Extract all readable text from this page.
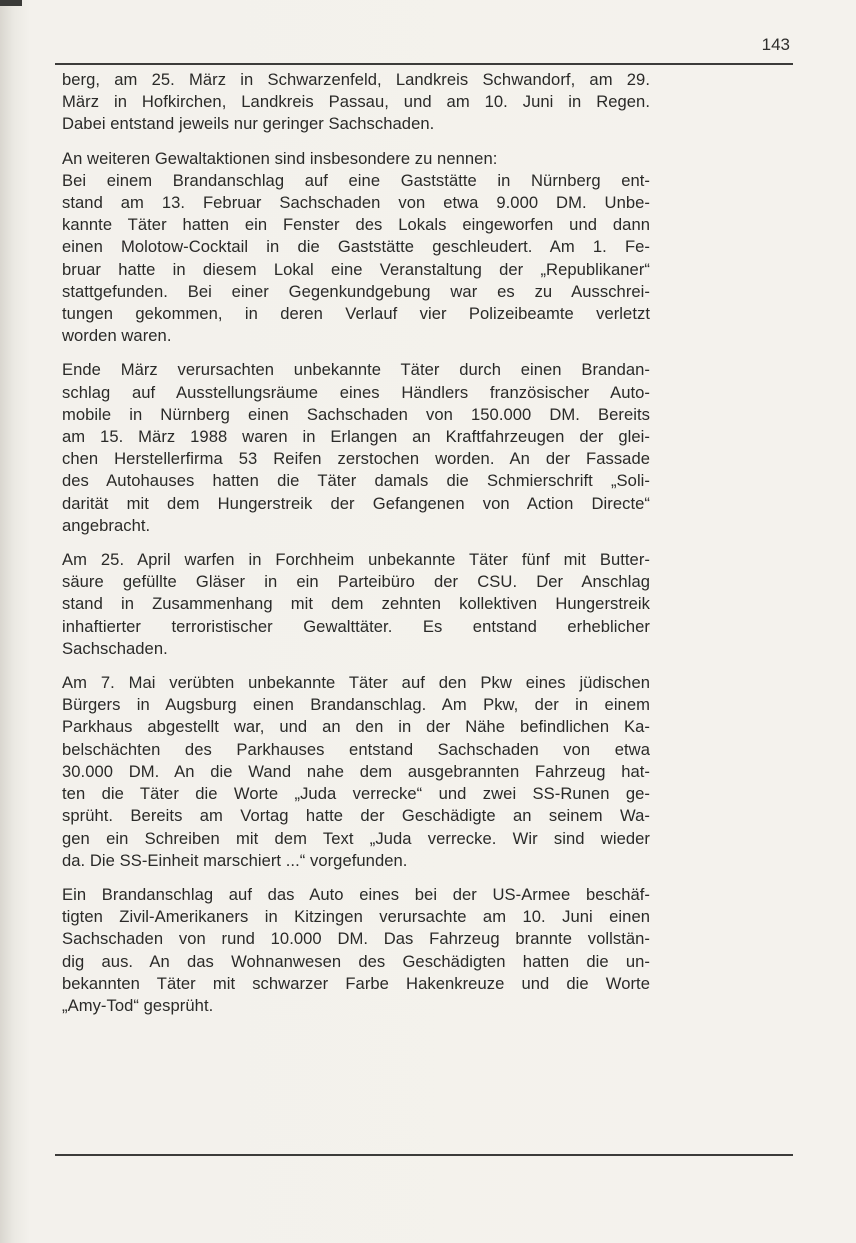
143
berg, am 25. März in Schwarzenfeld, Landkreis Schwandorf, am 29.
März in Hofkirchen, Landkreis Passau, und am 10. Juni in Regen.
Dabei entstand jeweils nur geringer Sachschaden.
An weiteren Gewaltaktionen sind insbesondere zu nennen:
Bei einem Brandanschlag auf eine Gaststätte in Nürnberg ent-
stand am 13. Februar Sachschaden von etwa 9.000 DM. Unbe-
kannte Täter hatten ein Fenster des Lokals eingeworfen und dann
einen Molotow-Cocktail in die Gaststätte geschleudert. Am 1. Fe-
bruar hatte in diesem Lokal eine Veranstaltung der „Republikaner“
stattgefunden. Bei einer Gegenkundgebung war es zu Ausschrei-
tungen gekommen, in deren Verlauf vier Polizeibeamte verletzt
worden waren.
Ende März verursachten unbekannte Täter durch einen Brandan-
schlag auf Ausstellungsräume eines Händlers französischer Auto-
mobile in Nürnberg einen Sachschaden von 150.000 DM. Bereits
am 15. März 1988 waren in Erlangen an Kraftfahrzeugen der glei-
chen Herstellerfirma 53 Reifen zerstochen worden. An der Fassade
des Autohauses hatten die Täter damals die Schmierschrift „Soli-
darität mit dem Hungerstreik der Gefangenen von Action Directe“
angebracht.
Am 25. April warfen in Forchheim unbekannte Täter fünf mit Butter-
säure gefüllte Gläser in ein Parteibüro der CSU. Der Anschlag
stand in Zusammenhang mit dem zehnten kollektiven Hungerstreik
inhaftierter terroristischer Gewalttäter. Es entstand erheblicher
Sachschaden.
Am 7. Mai verübten unbekannte Täter auf den Pkw eines jüdischen
Bürgers in Augsburg einen Brandanschlag. Am Pkw, der in einem
Parkhaus abgestellt war, und an den in der Nähe befindlichen Ka-
belschächten des Parkhauses entstand Sachschaden von etwa
30.000 DM. An die Wand nahe dem ausgebrannten Fahrzeug hat-
ten die Täter die Worte „Juda verrecke“ und zwei SS-Runen ge-
sprüht. Bereits am Vortag hatte der Geschädigte an seinem Wa-
gen ein Schreiben mit dem Text „Juda verrecke. Wir sind wieder
da. Die SS-Einheit marschiert ...“ vorgefunden.
Ein Brandanschlag auf das Auto eines bei der US-Armee beschäf-
tigten Zivil-Amerikaners in Kitzingen verursachte am 10. Juni einen
Sachschaden von rund 10.000 DM. Das Fahrzeug brannte vollstän-
dig aus. An das Wohnanwesen des Geschädigten hatten die un-
bekannten Täter mit schwarzer Farbe Hakenkreuze und die Worte
„Amy-Tod“ gesprüht.
